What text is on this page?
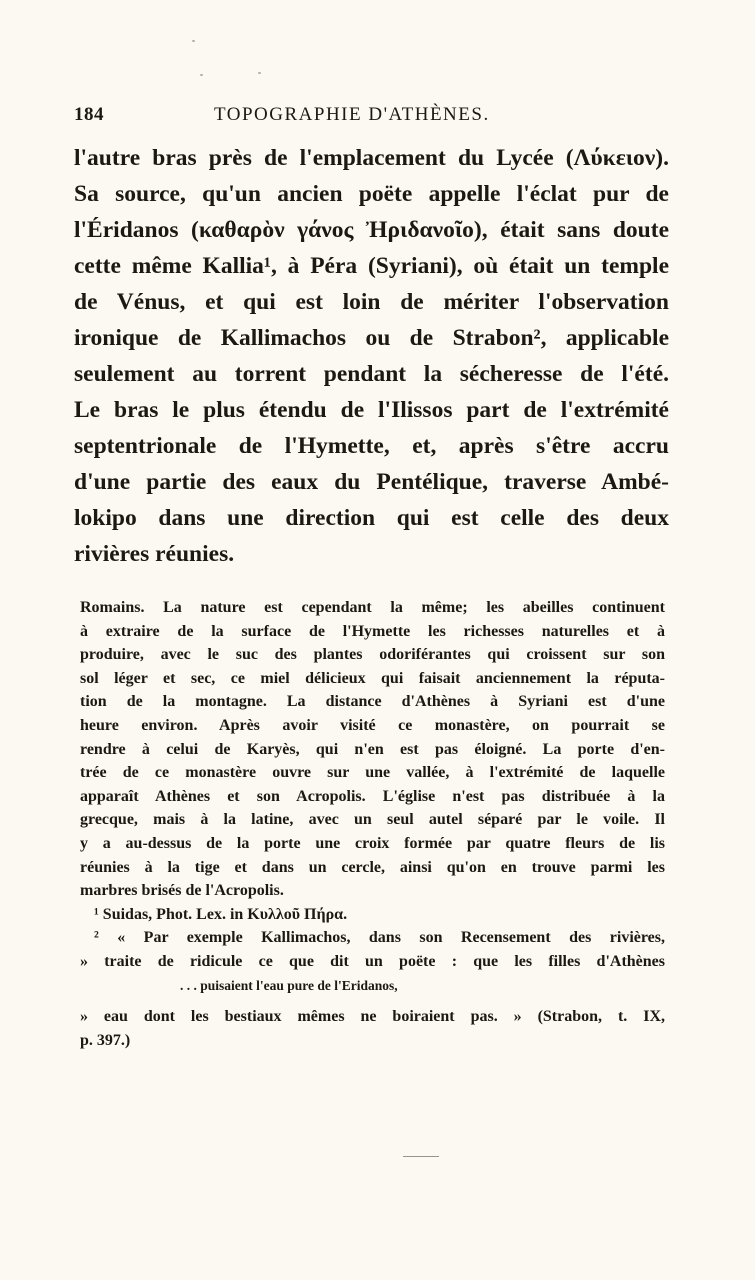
184	TOPOGRAPHIE D'ATHÈNES.
l'autre bras près de l'emplacement du Lycée (Λύκειον).
Sa source, qu'un ancien poëte appelle l'éclat pur de
l'Éridanos (καθαρὸν γάνος Ἠριδανοῖο), était sans doute
cette même Kallia¹, à Péra (Syriani), où était un temple
de Vénus, et qui est loin de mériter l'observation
ironique de Kallimachos ou de Strabon², applicable
seulement au torrent pendant la sécheresse de l'été.
Le bras le plus étendu de l'Ilissos part de l'extrémité
septentrionale de l'Hymette, et, après s'être accru
d'une partie des eaux du Pentélique, traverse Ambé-
lokipo dans une direction qui est celle des deux
rivières réunies.
Romains. La nature est cependant la même; les abeilles continuent
à extraire de la surface de l'Hymette les richesses naturelles et à
produire, avec le suc des plantes odoriférantes qui croissent sur son
sol léger et sec, ce miel délicieux qui faisait anciennement la réputa-
tion de la montagne. La distance d'Athènes à Syriani est d'une
heure environ. Après avoir visité ce monastère, on pourrait se
rendre à celui de Karyès, qui n'en est pas éloigné. La porte d'en-
trée de ce monastère ouvre sur une vallée, à l'extrémité de laquelle
apparaît Athènes et son Acropolis. L'église n'est pas distribuée à la
grecque, mais à la latine, avec un seul autel séparé par le voile. Il
y a au-dessus de la porte une croix formée par quatre fleurs de lis
réunies à la tige et dans un cercle, ainsi qu'on en trouve parmi les
marbres brisés de l'Acropolis.
¹ Suidas, Phot. Lex. in Κυλλοῦ Πήρα.
² « Par exemple Kallimachos, dans son Recensement des rivières,
» traite de ridicule ce que dit un poëte : que les filles d'Athènes
. . . puisaient l'eau pure de l'Eridanos,
» eau dont les bestiaux mêmes ne boiraient pas. » (Strabon, t. IX,
p. 397.)
